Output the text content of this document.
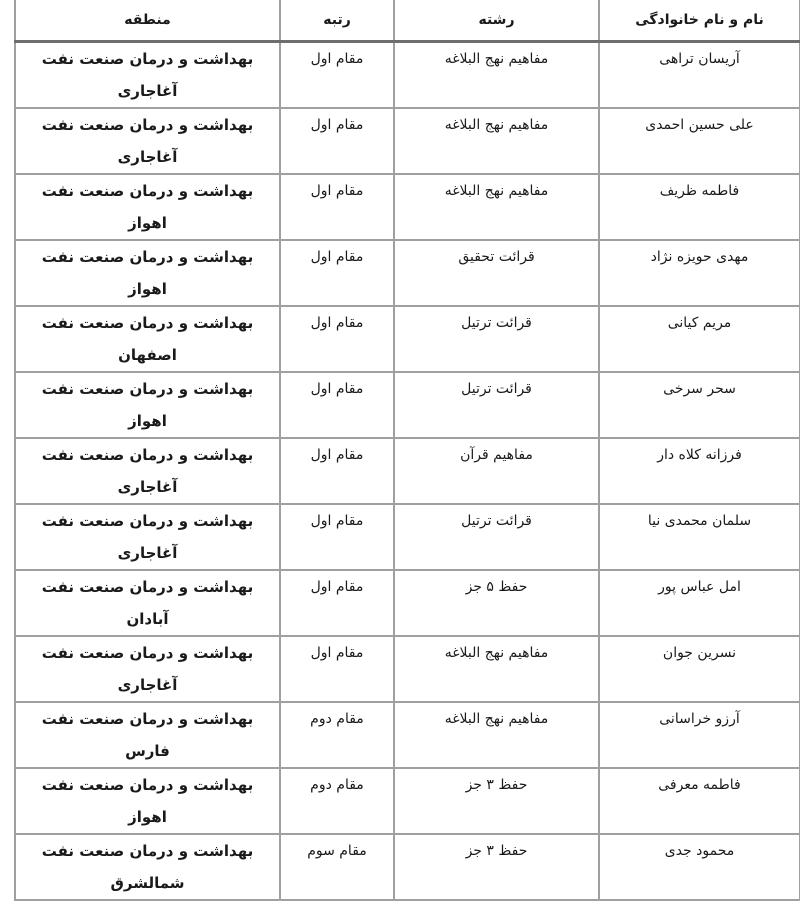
نام و نام خانوادگی	رشته	رتبه	منطقه
آریسان تراهی	مفاهیم نهج البلاغه	مقام اول	بهداشت و درمان صنعت نفت آغاجاری
علی حسین احمدی	مفاهیم نهج البلاغه	مقام اول	بهداشت و درمان صنعت نفت آغاجاری
فاطمه ظریف	مفاهیم نهج البلاغه	مقام اول	بهداشت و درمان صنعت نفت اهواز
مهدی حویزه نژاد	قرائت تحقیق	مقام اول	بهداشت و درمان صنعت نفت اهواز
مریم کیانی	قرائت ترتیل	مقام اول	بهداشت و درمان صنعت نفت اصفهان
سحر سرخی	قرائت ترتیل	مقام اول	بهداشت و درمان صنعت نفت اهواز
فرزانه کلاه دار	مفاهیم قرآن	مقام اول	بهداشت و درمان صنعت نفت آغاجاری
سلمان محمدی نیا	قرائت ترتیل	مقام اول	بهداشت و درمان صنعت نفت آغاجاری
امل عباس پور	حفظ ۵ جز	مقام اول	بهداشت و درمان صنعت نفت آبادان
نسرین جوان	مفاهیم نهج البلاغه	مقام اول	بهداشت و درمان صنعت نفت آغاجاری
آرزو خراسانی	مفاهیم نهج البلاغه	مقام دوم	بهداشت و درمان صنعت نفت فارس
فاطمه معرفی	حفظ ۳ جز	مقام دوم	بهداشت و درمان صنعت نفت اهواز
محمود جدی	حفظ ۳ جز	مقام سوم	بهداشت و درمان صنعت نفت شمالشرق
